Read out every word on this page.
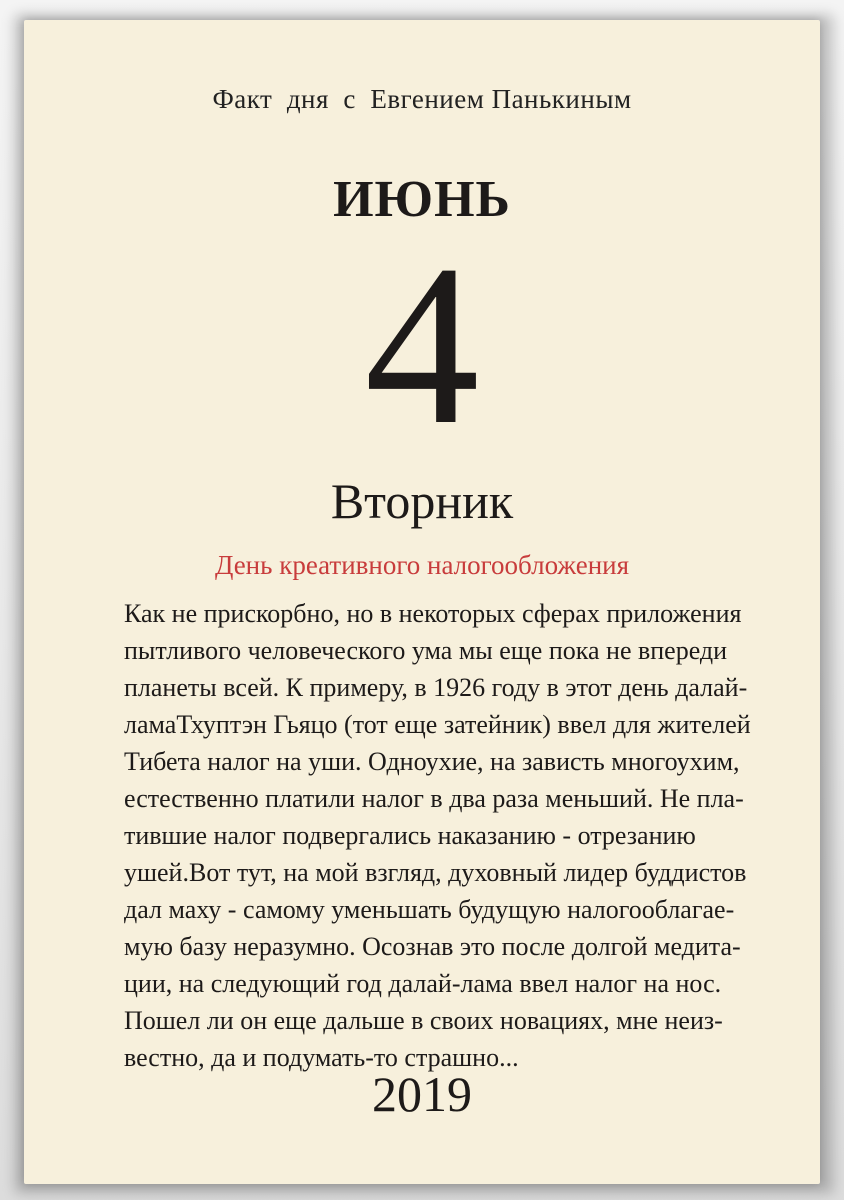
Факт  дня  с  Евгением Панькиным
ИЮНЬ
4
Вторник
День креативного налогообложения
Как не прискорбно, но в некоторых сферах приложения
пытливого человеческого ума мы еще пока не впереди
планеты всей. К примеру, в 1926 году в этот день далай-
ламаТхуптэн Гьяцо (тот еще затейник) ввел для жителей
Тибета налог на уши. Одноухие, на зависть многоухим,
естественно платили налог в два раза меньший. Не пла-
тившие налог подвергались наказанию - отрезанию
ушей.Вот тут, на мой взгляд, духовный лидер буддистов
дал маху - самому уменьшать будущую налогооблагае-
мую базу неразумно. Осознав это после долгой медита-
ции, на следующий год далай-лама ввел налог на нос.
Пошел ли он еще дальше в своих новациях, мне неиз-
вестно, да и подумать-то страшно...
2019
